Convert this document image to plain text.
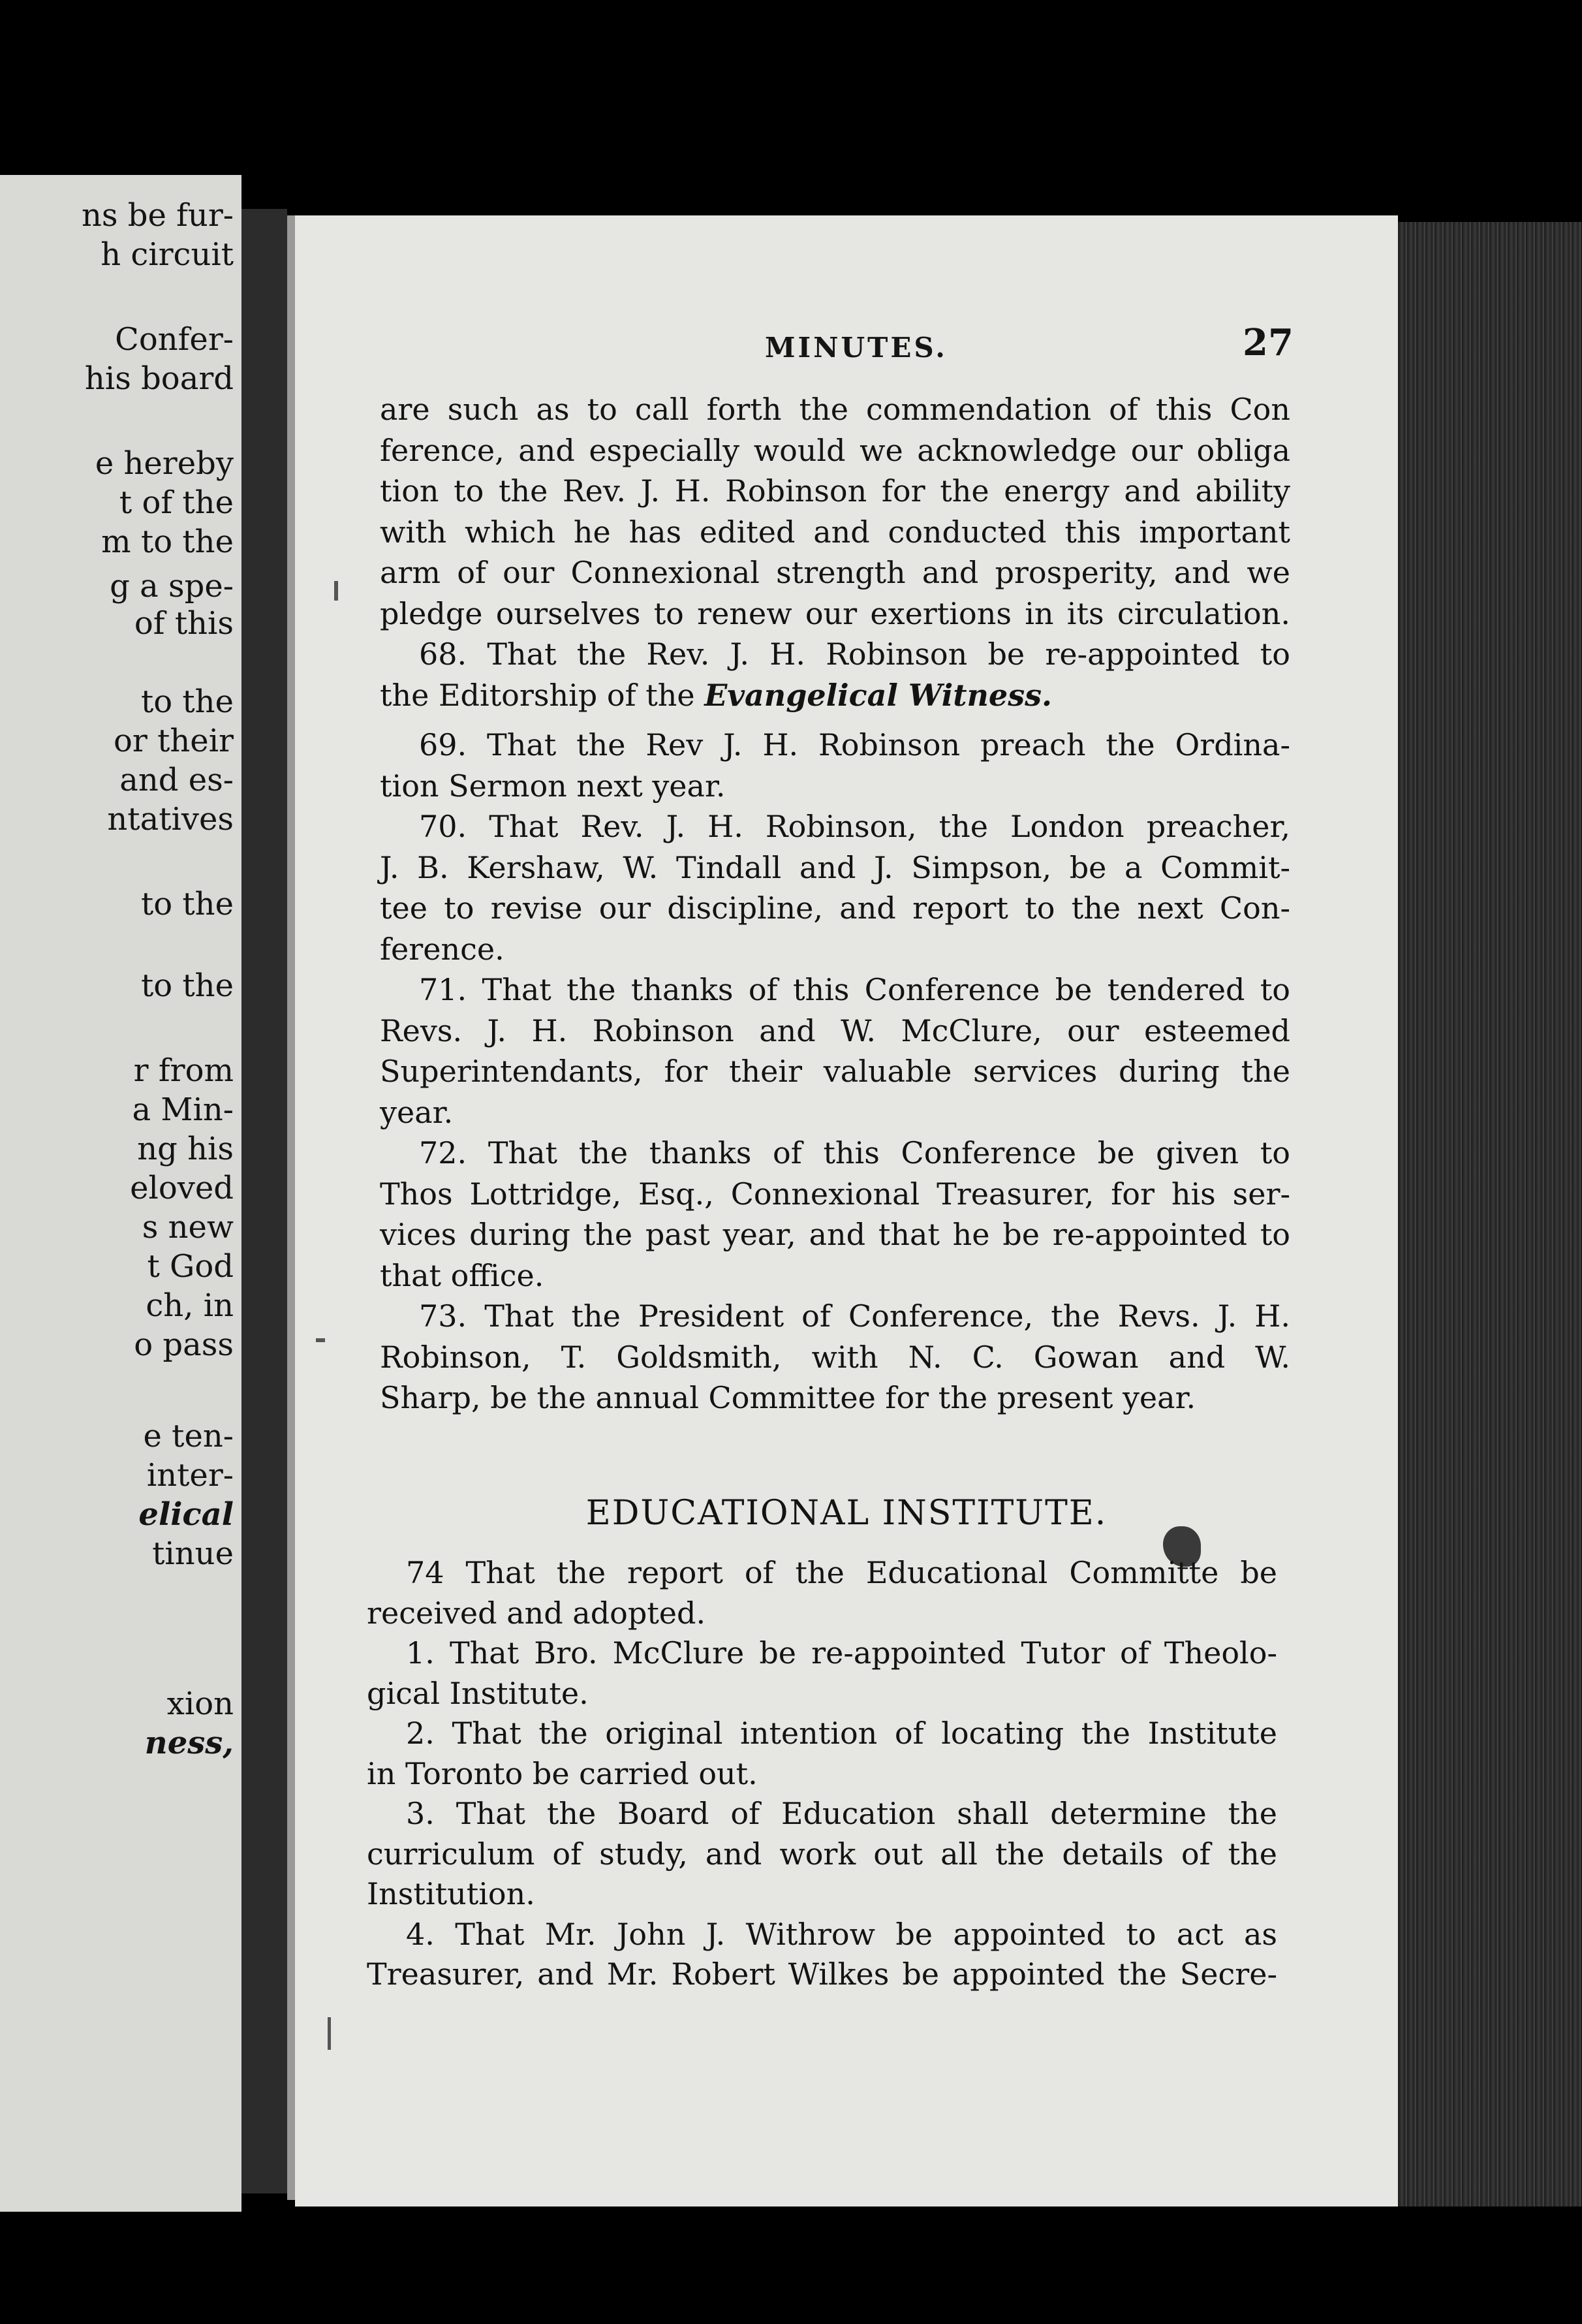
ns be fur-
h circuit
Confer-
his board
e hereby
t of the
m to the
g a spe-
of this
to the
or their
and es-
ntatives
to the
to the
r from
a Min-
ng his
eloved
s new
t God
ch, in
o pass
e ten-
inter-
elical
tinue
xion
ness,
MINUTES.	27
EDUCATIONAL INSTITUTE.
are such as to call forth the commendation of this Con
ference, and especially would we acknowledge our obliga
tion to the Rev. J. H. Robinson for the energy and ability
with which he has edited and conducted this important
arm of our Connexional strength and prosperity, and we
pledge ourselves to renew our exertions in its circulation.
68. That the Rev. J. H. Robinson be re-appointed to
the Editorship of the Evangelical Witness.
69. That the Rev J. H. Robinson preach the Ordina-
tion Sermon next year.
70. That Rev. J. H. Robinson, the London preacher,
J. B. Kershaw, W. Tindall and J. Simpson, be a Commit-
tee to revise our discipline, and report to the next Con-
ference.
71. That the thanks of this Conference be tendered to
Revs. J. H. Robinson and W. McClure, our esteemed
Superintendants, for their valuable services during the
year.
72. That the thanks of this Conference be given to
Thos Lottridge, Esq., Connexional Treasurer, for his ser-
vices during the past year, and that he be re-appointed to
that office.
73. That the President of Conference, the Revs. J. H.
Robinson, T. Goldsmith, with N. C. Gowan and W.
Sharp, be the annual Committee for the present year.
74 That the report of the Educational Committe be
received and adopted.
1. That Bro. McClure be re-appointed Tutor of Theolo-
gical Institute.
2. That the original intention of locating the Institute
in Toronto be carried out.
3. That the Board of Education shall determine the
curriculum of study, and work out all the details of the
Institution.
4. That Mr. John J. Withrow be appointed to act as
Treasurer, and Mr. Robert Wilkes be appointed the Secre-
